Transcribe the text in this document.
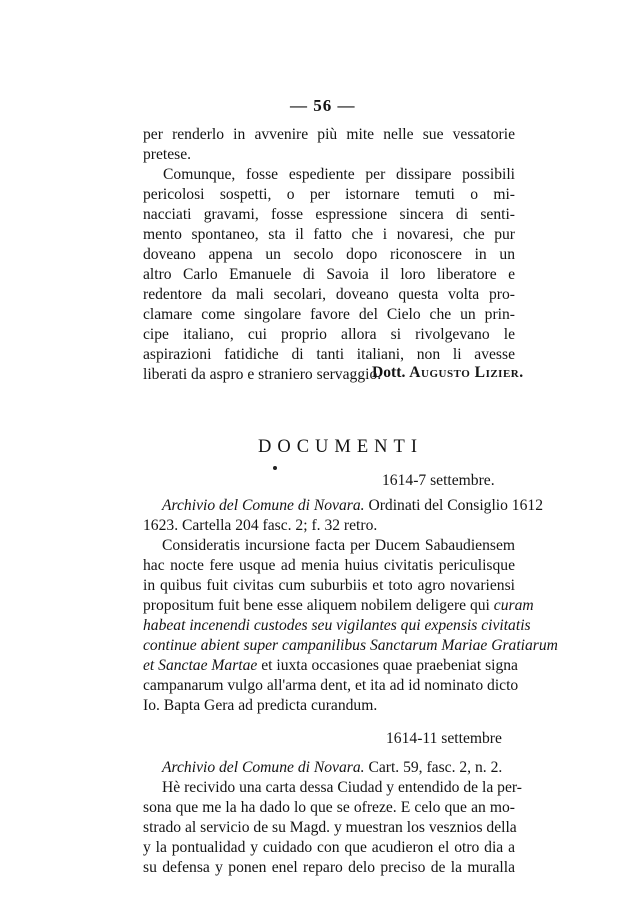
— 56 —
per renderlo in avvenire più mite nelle sue vessatorie
pretese.
Comunque, fosse espediente per dissipare possibili
pericolosi sospetti, o per istornare temuti o mi-
nacciati gravami, fosse espressione sincera di senti-
mento spontaneo, sta il fatto che i novaresi, che pur
doveano appena un secolo dopo riconoscere in un
altro Carlo Emanuele di Savoia il loro liberatore e
redentore da mali secolari, doveano questa volta pro-
clamare come singolare favore del Cielo che un prin-
cipe italiano, cui proprio allora si rivolgevano le
aspirazioni fatidiche di tanti italiani, non li avesse
liberati da aspro e straniero servaggio.
Dott. Augusto Lizier.
DOCUMENTI
1614-7 settembre.
Archivio del Comune di Novara. Ordinati del Consiglio 1612
1623. Cartella 204 fasc. 2; f. 32 retro.
Consideratis incursione facta per Ducem Sabaudiensem
hac nocte fere usque ad menia huius civitatis periculisque
in quibus fuit civitas cum suburbiis et toto agro novariensi
propositum fuit bene esse aliquem nobilem deligere qui curam
habeat incenendi custodes seu vigilantes qui expensis civitatis
continue abient super campanilibus Sanctarum Mariae Gratiarum
et Sanctae Martae et iuxta occasiones quae praebeniat signa
campanarum vulgo all'arma dent, et ita ad id nominato dicto
Io. Bapta Gera ad predicta curandum.
1614-11 settembre
Archivio del Comune di Novara. Cart. 59, fasc. 2, n. 2.
Hè recivido una carta dessa Ciudad y entendido de la per-
sona que me la ha dado lo que se ofreze. E celo que an mo-
strado al servicio de su Magd. y muestran los vesznios della
y la pontualidad y cuidado con que acudieron el otro dia a
su defensa y ponen enel reparo delo preciso de la muralla
